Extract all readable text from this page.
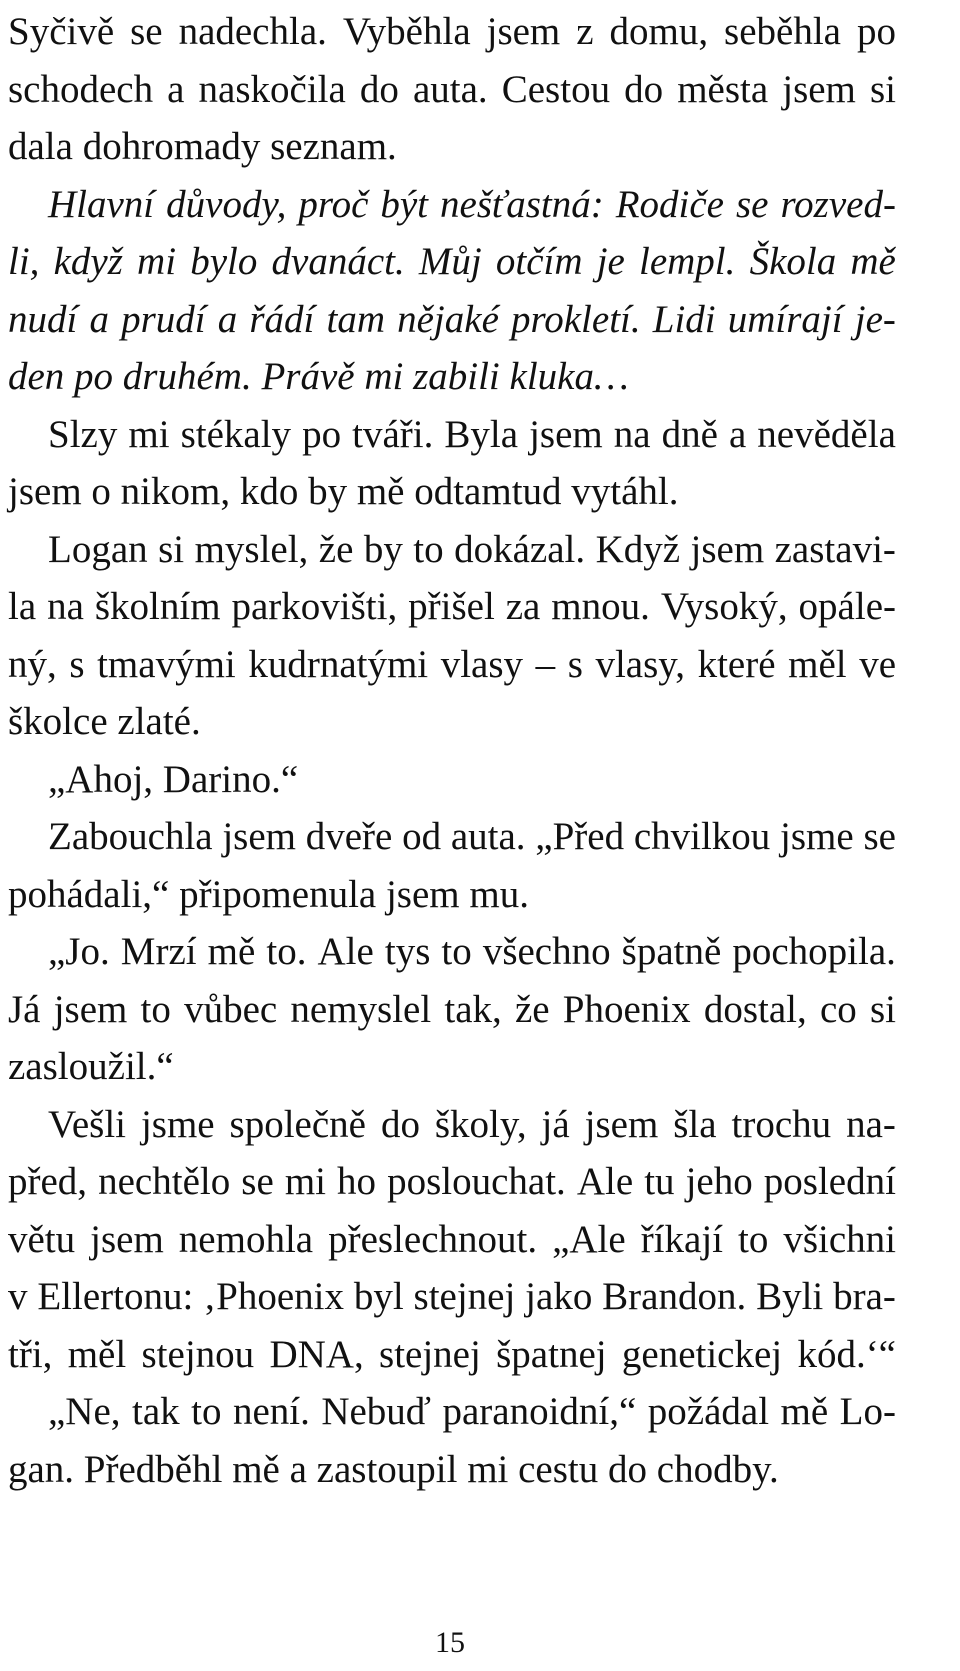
Syčivě se nadechla. Vyběhla jsem z domu, seběhla po
schodech a naskočila do auta. Cestou do města jsem si
dala dohromady seznam.
Hlavní důvody, proč být nešťastná: Rodiče se rozved-
li, když mi bylo dvanáct. Můj otčím je lempl. Škola mě
nudí a prudí a řádí tam nějaké prokletí. Lidi umírají je-
den po druhém. Právě mi zabili kluka…
Slzy mi stékaly po tváři. Byla jsem na dně a nevěděla
jsem o nikom, kdo by mě odtamtud vytáhl.
Logan si myslel, že by to dokázal. Když jsem zastavi-
la na školním parkovišti, přišel za mnou. Vysoký, opále-
ný, s tmavými kudrnatými vlasy – s vlasy, které měl ve
školce zlaté.
„Ahoj, Darino.“
Zabouchla jsem dveře od auta. „Před chvilkou jsme se
pohádali,“ připomenula jsem mu.
„Jo. Mrzí mě to. Ale tys to všechno špatně pochopila.
Já jsem to vůbec nemyslel tak, že Phoenix dostal, co si
zasloužil.“
Vešli jsme společně do školy, já jsem šla trochu na-
před, nechtělo se mi ho poslouchat. Ale tu jeho poslední
větu jsem nemohla přeslechnout. „Ale říkají to všichni
v Ellertonu: ‚Phoenix byl stejnej jako Brandon. Byli bra-
tři, měl stejnou DNA, stejnej špatnej genetickej kód.‘“
„Ne, tak to není. Nebuď paranoidní,“ požádal mě Lo-
gan. Předběhl mě a zastoupil mi cestu do chodby.
15
